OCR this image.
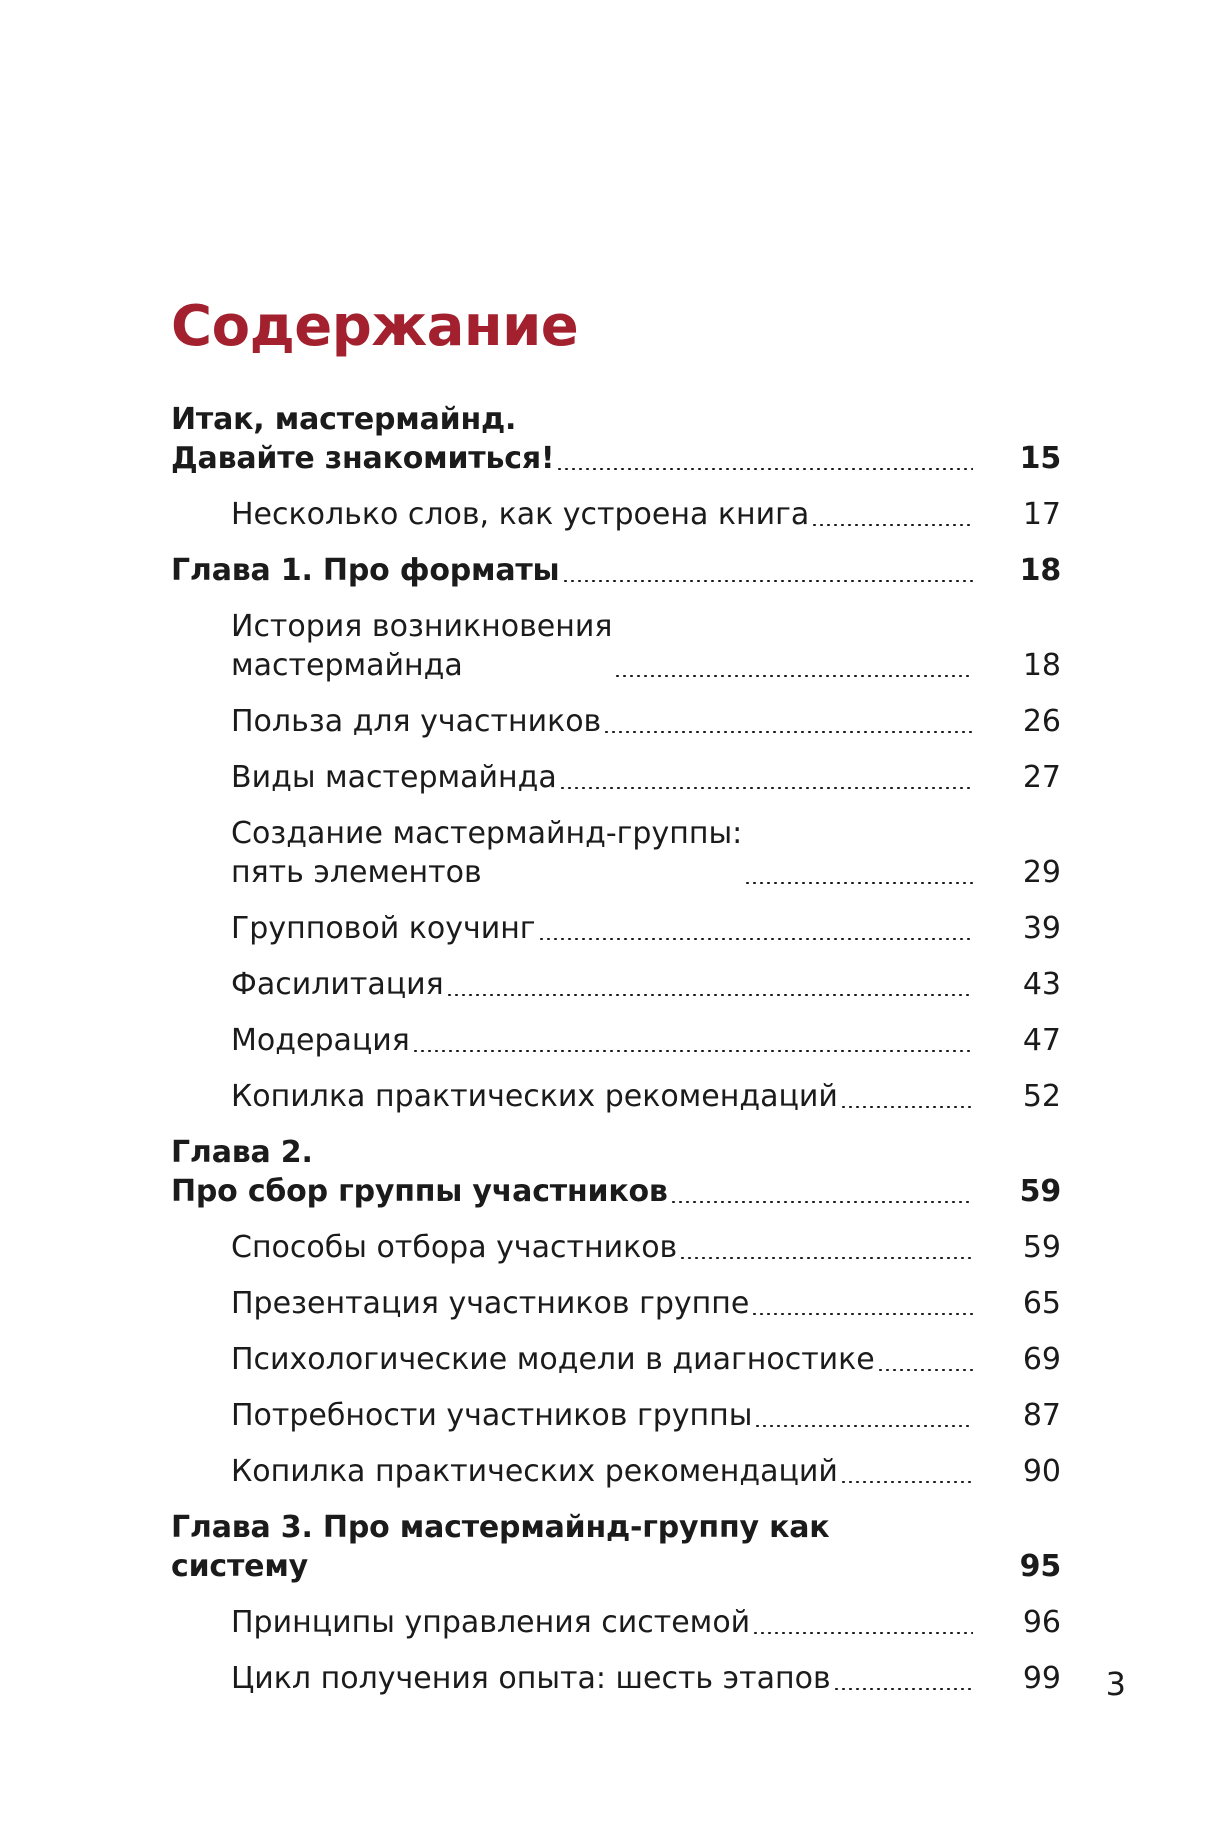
Содержание
Итак, мастермайнд.
Давайте знакомиться!	15
Несколько слов, как устроена книга	17
Глава 1. Про форматы	18
История возникновения
мастермайнда	18
Польза для участников	26
Виды мастермайнда	27
Создание мастермайнд-группы:
пять элементов	29
Групповой коучинг	39
Фасилитация	43
Модерация	47
Копилка практических рекомендаций	52
Глава 2.
Про сбор группы участников	59
Способы отбора участников	59
Презентация участников группе	65
Психологические модели в диагностике	69
Потребности участников группы	87
Копилка практических рекомендаций	90
Глава 3. Про мастермайнд-группу как систему	95
Принципы управления системой	96
Цикл получения опыта: шесть этапов	99 3
